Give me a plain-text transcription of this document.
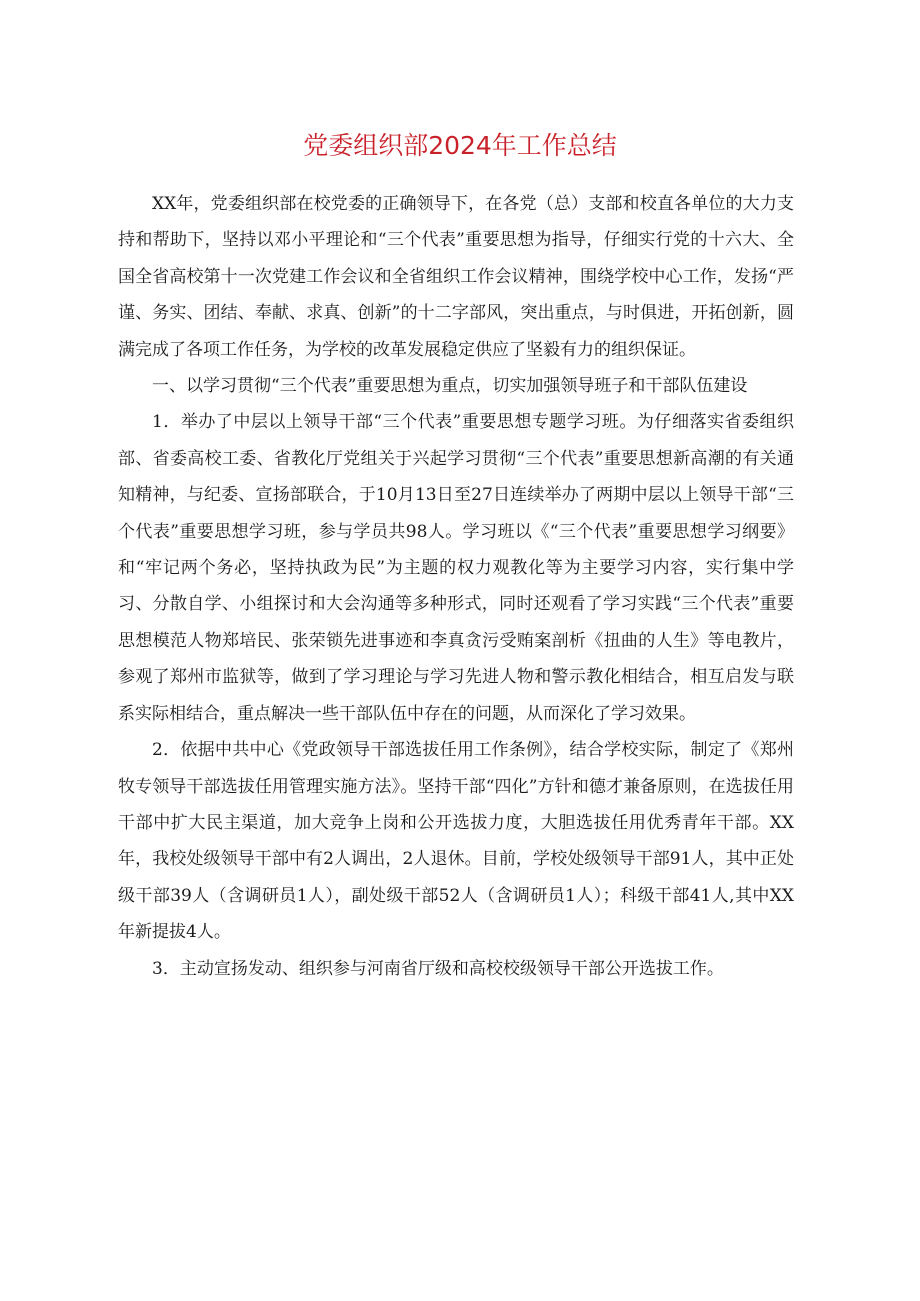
党委组织部2024年工作总结

XX年，党委组织部在校党委的正确领导下，在各党（总）支部和校直各单位的大力支持和帮助下，坚持以邓小平理论和“三个代表”重要思想为指导，仔细实行党的十六大、全国全省高校第十一次党建工作会议和全省组织工作会议精神，围绕学校中心工作，发扬“严谨、务实、团结、奉献、求真、创新”的十二字部风，突出重点，与时俱进，开拓创新，圆满完成了各项工作任务，为学校的改革发展稳定供应了坚毅有力的组织保证。

一、以学习贯彻“三个代表”重要思想为重点，切实加强领导班子和干部队伍建设

1．举办了中层以上领导干部“三个代表”重要思想专题学习班。为仔细落实省委组织部、省委高校工委、省教化厅党组关于兴起学习贯彻“三个代表”重要思想新高潮的有关通知精神，与纪委、宣扬部联合，于10月13日至27日连续举办了两期中层以上领导干部“三个代表”重要思想学习班，参与学员共98人。学习班以《“三个代表”重要思想学习纲要》和“牢记两个务必，坚持执政为民”为主题的权力观教化等为主要学习内容，实行集中学习、分散自学、小组探讨和大会沟通等多种形式，同时还观看了学习实践“三个代表”重要思想模范人物郑培民、张荣锁先进事迹和李真贪污受贿案剖析《扭曲的人生》等电教片，参观了郑州市监狱等，做到了学习理论与学习先进人物和警示教化相结合，相互启发与联系实际相结合，重点解决一些干部队伍中存在的问题，从而深化了学习效果。

2．依据中共中心《党政领导干部选拔任用工作条例》，结合学校实际，制定了《郑州牧专领导干部选拔任用管理实施方法》。坚持干部“四化”方针和德才兼备原则，在选拔任用干部中扩大民主渠道，加大竞争上岗和公开选拔力度，大胆选拔任用优秀青年干部。XX年，我校处级领导干部中有2人调出，2人退休。目前，学校处级领导干部91人，其中正处级干部39人（含调研员1人），副处级干部52人（含调研员1人）；科级干部41人,其中XX年新提拔4人。

3．主动宣扬发动、组织参与河南省厅级和高校校级领导干部公开选拔工作。
